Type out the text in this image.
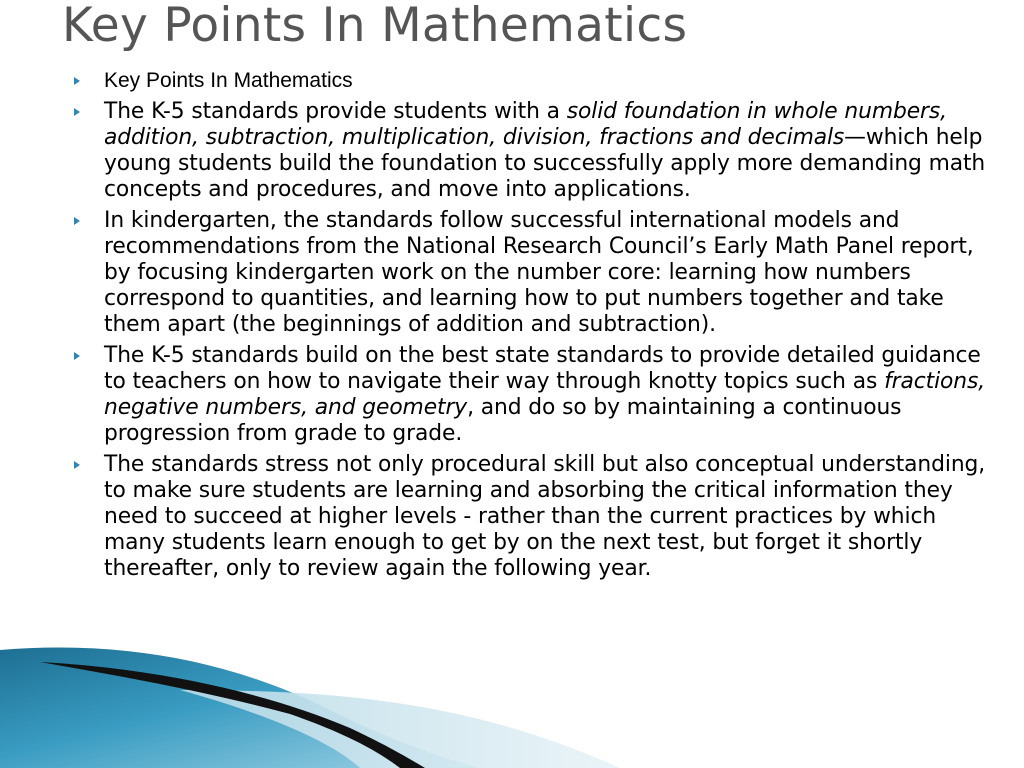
Key Points In Mathematics
Key Points In Mathematics
The K-5 standards provide students with a solid foundation in whole numbers, addition, subtraction, multiplication, division, fractions and decimals—which help young students build the foundation to successfully apply more demanding math concepts and procedures, and move into applications.
In kindergarten, the standards follow successful international models and recommendations from the National Research Council’s Early Math Panel report, by focusing kindergarten work on the number core: learning how numbers correspond to quantities, and learning how to put numbers together and take them apart (the beginnings of addition and subtraction).
The K-5 standards build on the best state standards to provide detailed guidance to teachers on how to navigate their way through knotty topics such as fractions, negative numbers, and geometry, and do so by maintaining a continuous progression from grade to grade.
The standards stress not only procedural skill but also conceptual understanding, to make sure students are learning and absorbing the critical information they need to succeed at higher levels - rather than the current practices by which many students learn enough to get by on the next test, but forget it shortly thereafter, only to review again the following year.
